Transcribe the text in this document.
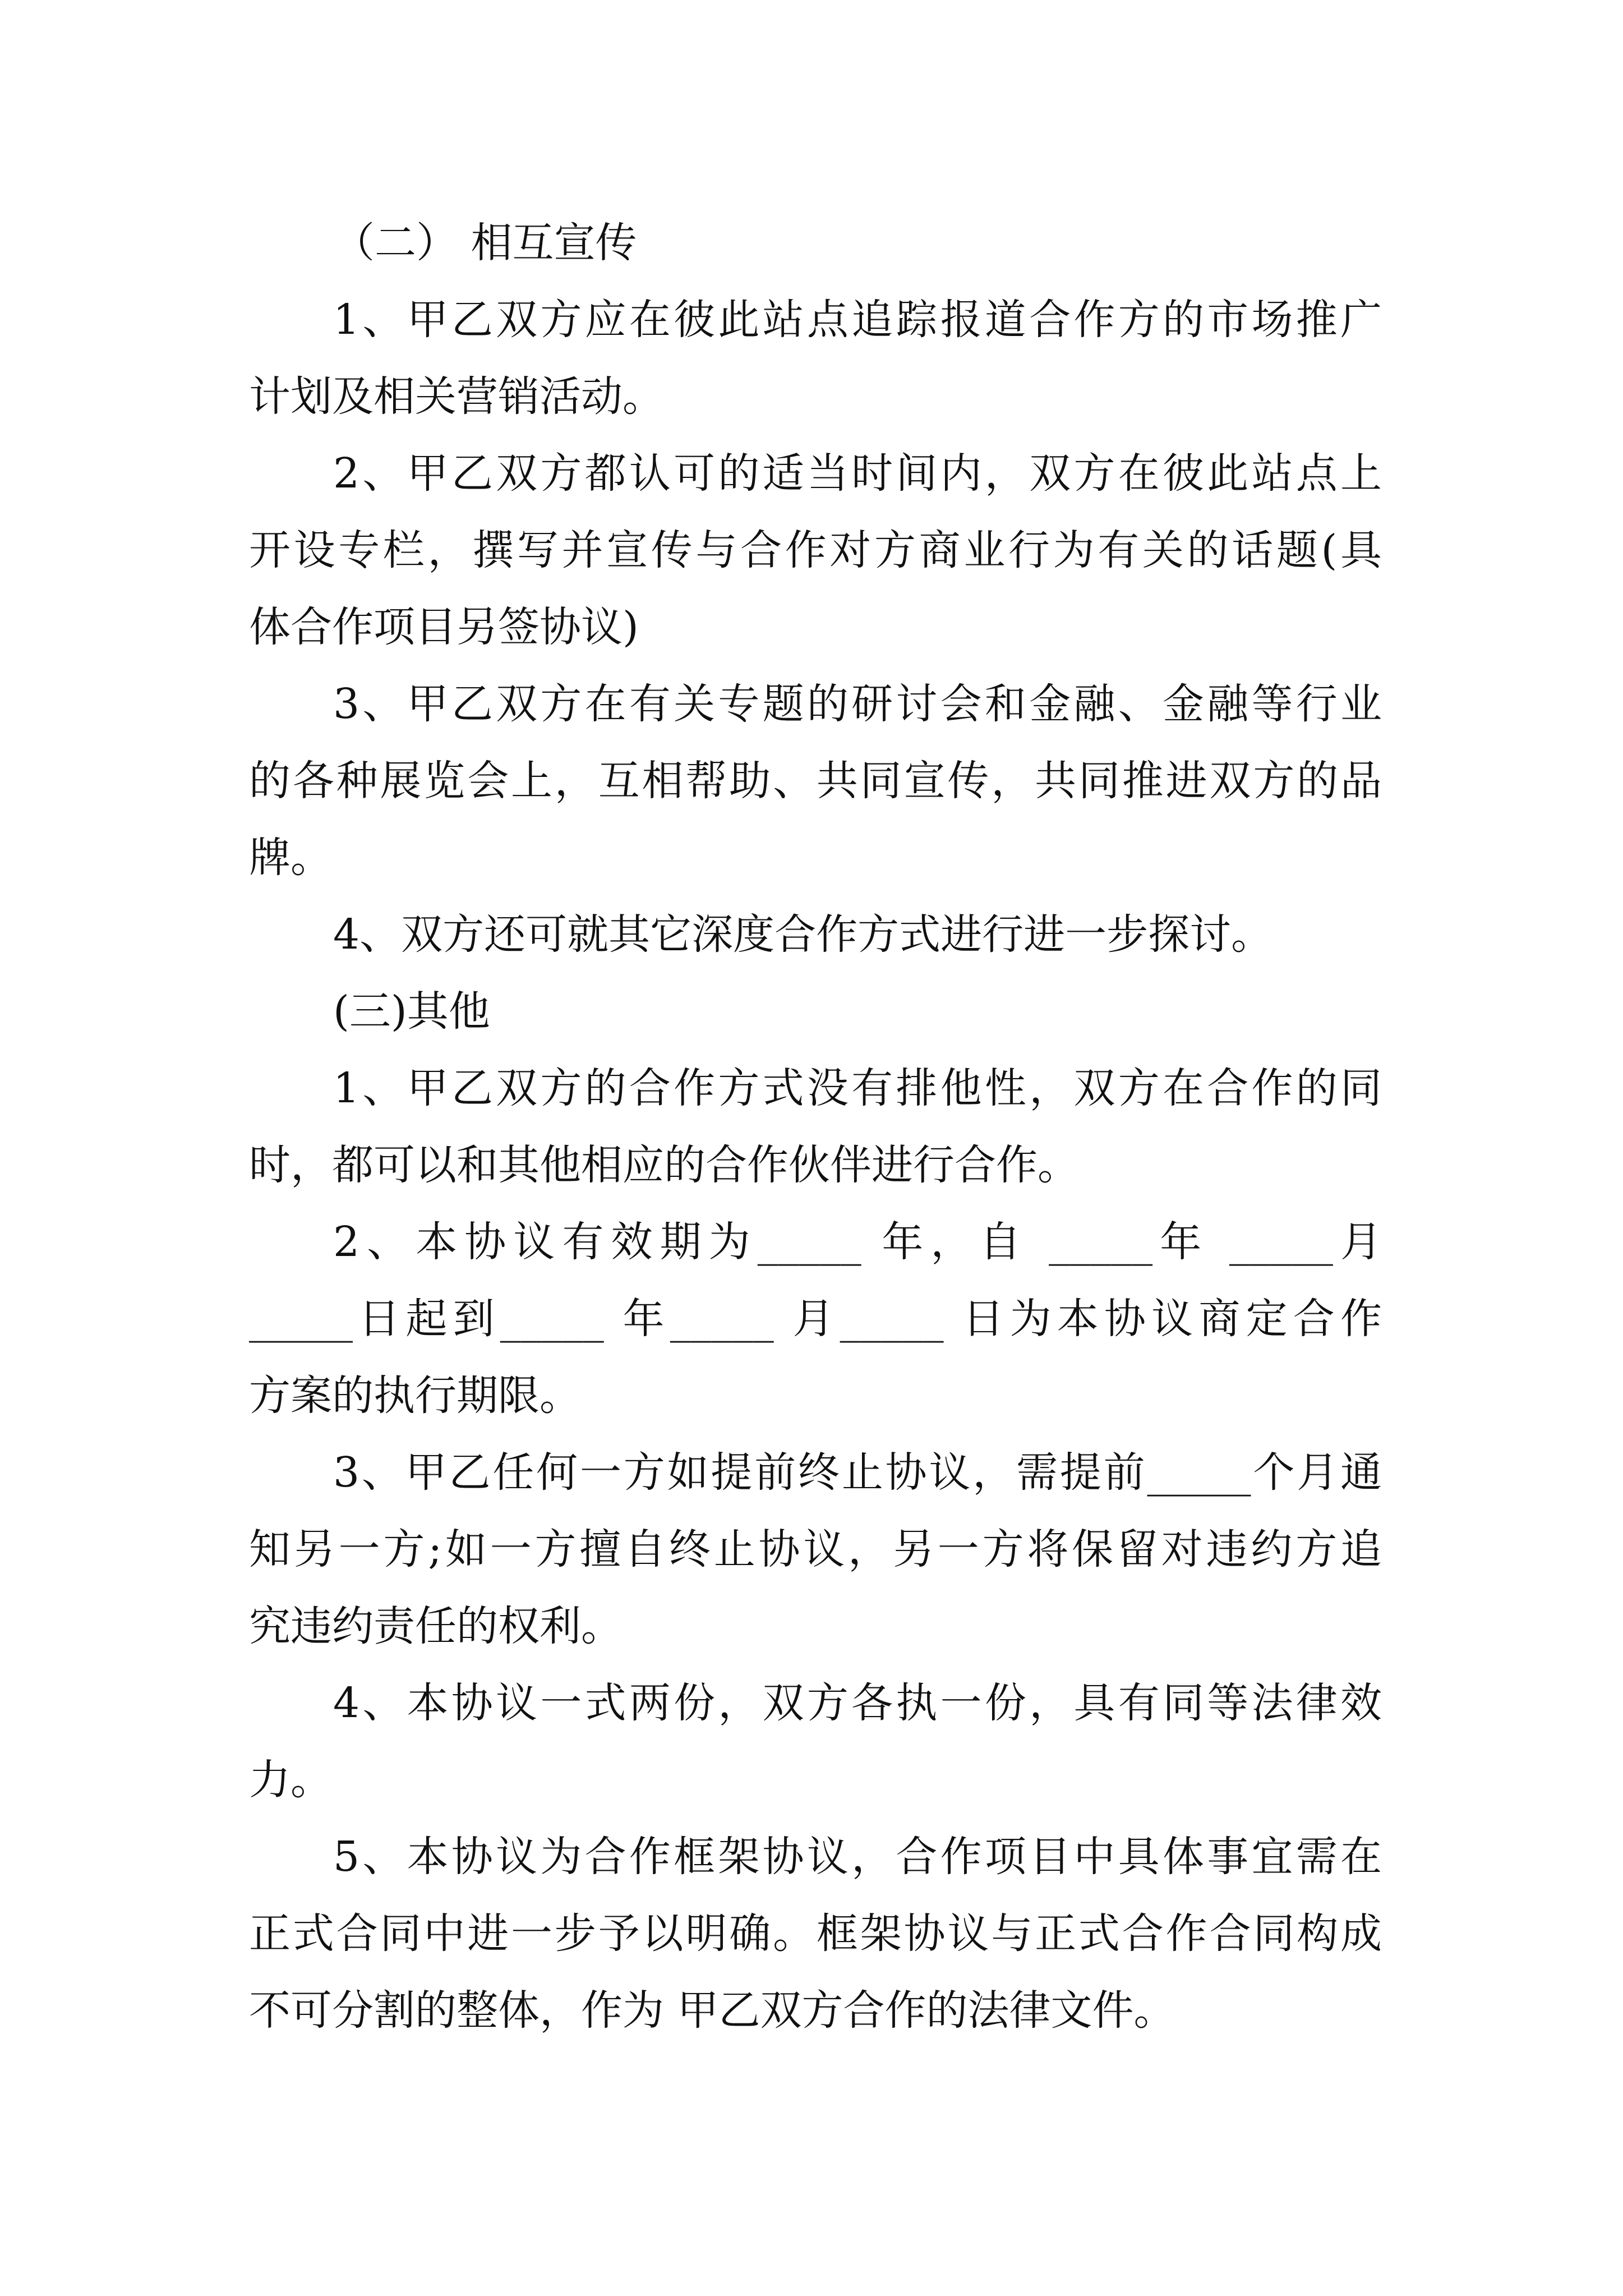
（二） 相互宣传
1、甲乙双方应在彼此站点追踪报道合作方的市场推广
计划及相关营销活动。
2、甲乙双方都认可的适当时间内，双方在彼此站点上
开设专栏，撰写并宣传与合作对方商业行为有关的话题(具
体合作项目另签协议)
3、甲乙双方在有关专题的研讨会和金融、金融等行业
的各种展览会上，互相帮助、共同宣传，共同推进双方的品
牌。
4、双方还可就其它深度合作方式进行进一步探讨。
(三)其他
1、甲乙双方的合作方式没有排他性，双方在合作的同
时，都可以和其他相应的合作伙伴进行合作。
2、本协议有效期为_____ 年，自 _____年 _____月
_____日起到_____ 年_____ 月_____ 日为本协议商定合作
方案的执行期限。
3、甲乙任何一方如提前终止协议，需提前_____个月通
知另一方;如一方擅自终止协议，另一方将保留对违约方追
究违约责任的权利。
4、本协议一式两份，双方各执一份，具有同等法律效
力。
5、本协议为合作框架协议，合作项目中具体事宜需在
正式合同中进一步予以明确。框架协议与正式合作合同构成
不可分割的整体，作为 甲乙双方合作的法律文件。
